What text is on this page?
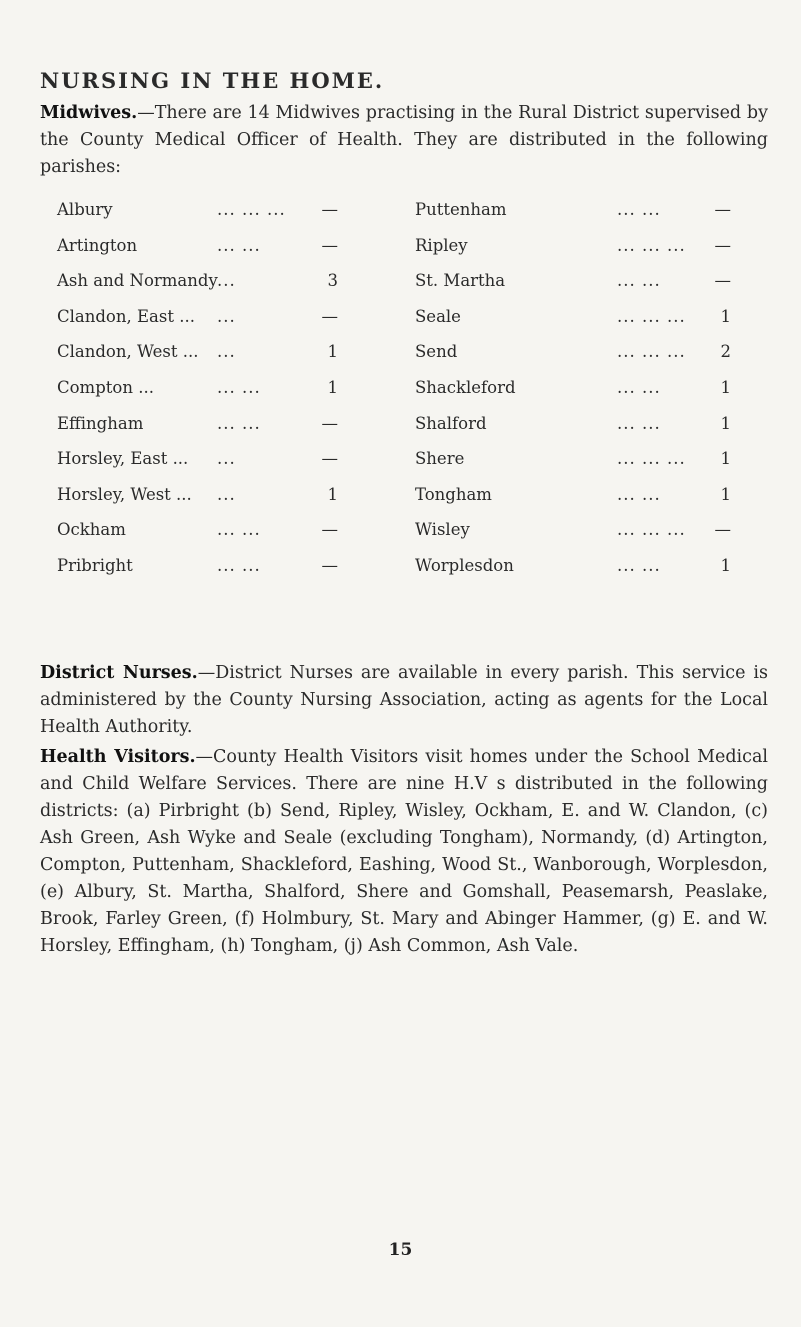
NURSING IN THE HOME.
Midwives.—There are 14 Midwives practising in the Rural District supervised by the County Medical Officer of Health. They are distributed in the following parishes:
Albury	... ... ... —	Puttenham	... ...	—
Artington	... ...	—	Ripley	... ... ... —
Ash and Normandy ...	3	St. Martha	... ...	—
Clandon, East ... ...	—	Seale	... ... ...	1
Clandon, West ... ...	1	Send	... ... ...	2
Compton ...	... ...	1	Shackleford	... ...	1
Effingham	... ...	—	Shalford	... ...	1
Horsley, East ... ...	—	Shere	... ... ...	1
Horsley, West ... ...	1	Tongham	... ...	1
Ockham	... ...	—	Wisley	... ... ... —
Pribright	... ...	—	Worplesdon	... ...	1
District Nurses.—District Nurses are available in every parish. This service is administered by the County Nursing Association, acting as agents for the Local Health Authority.
Health Visitors.—County Health Visitors visit homes under the School Medical and Child Welfare Services. There are nine H.V s distributed in the following districts: (a) Pirbright (b) Send, Ripley, Wisley, Ockham, E. and W. Clandon, (c) Ash Green, Ash Wyke and Seale (excluding Tongham), Normandy, (d) Artington, Compton, Puttenham, Shackleford, Eashing, Wood St., Wanborough, Worplesdon, (e) Albury, St. Martha, Shalford, Shere and Gomshall, Peasemarsh, Peaslake, Brook, Farley Green, (f) Holmbury, St. Mary and Abinger Hammer, (g) E. and W. Horsley, Effingham, (h) Tongham, (j) Ash Common, Ash Vale.
15
